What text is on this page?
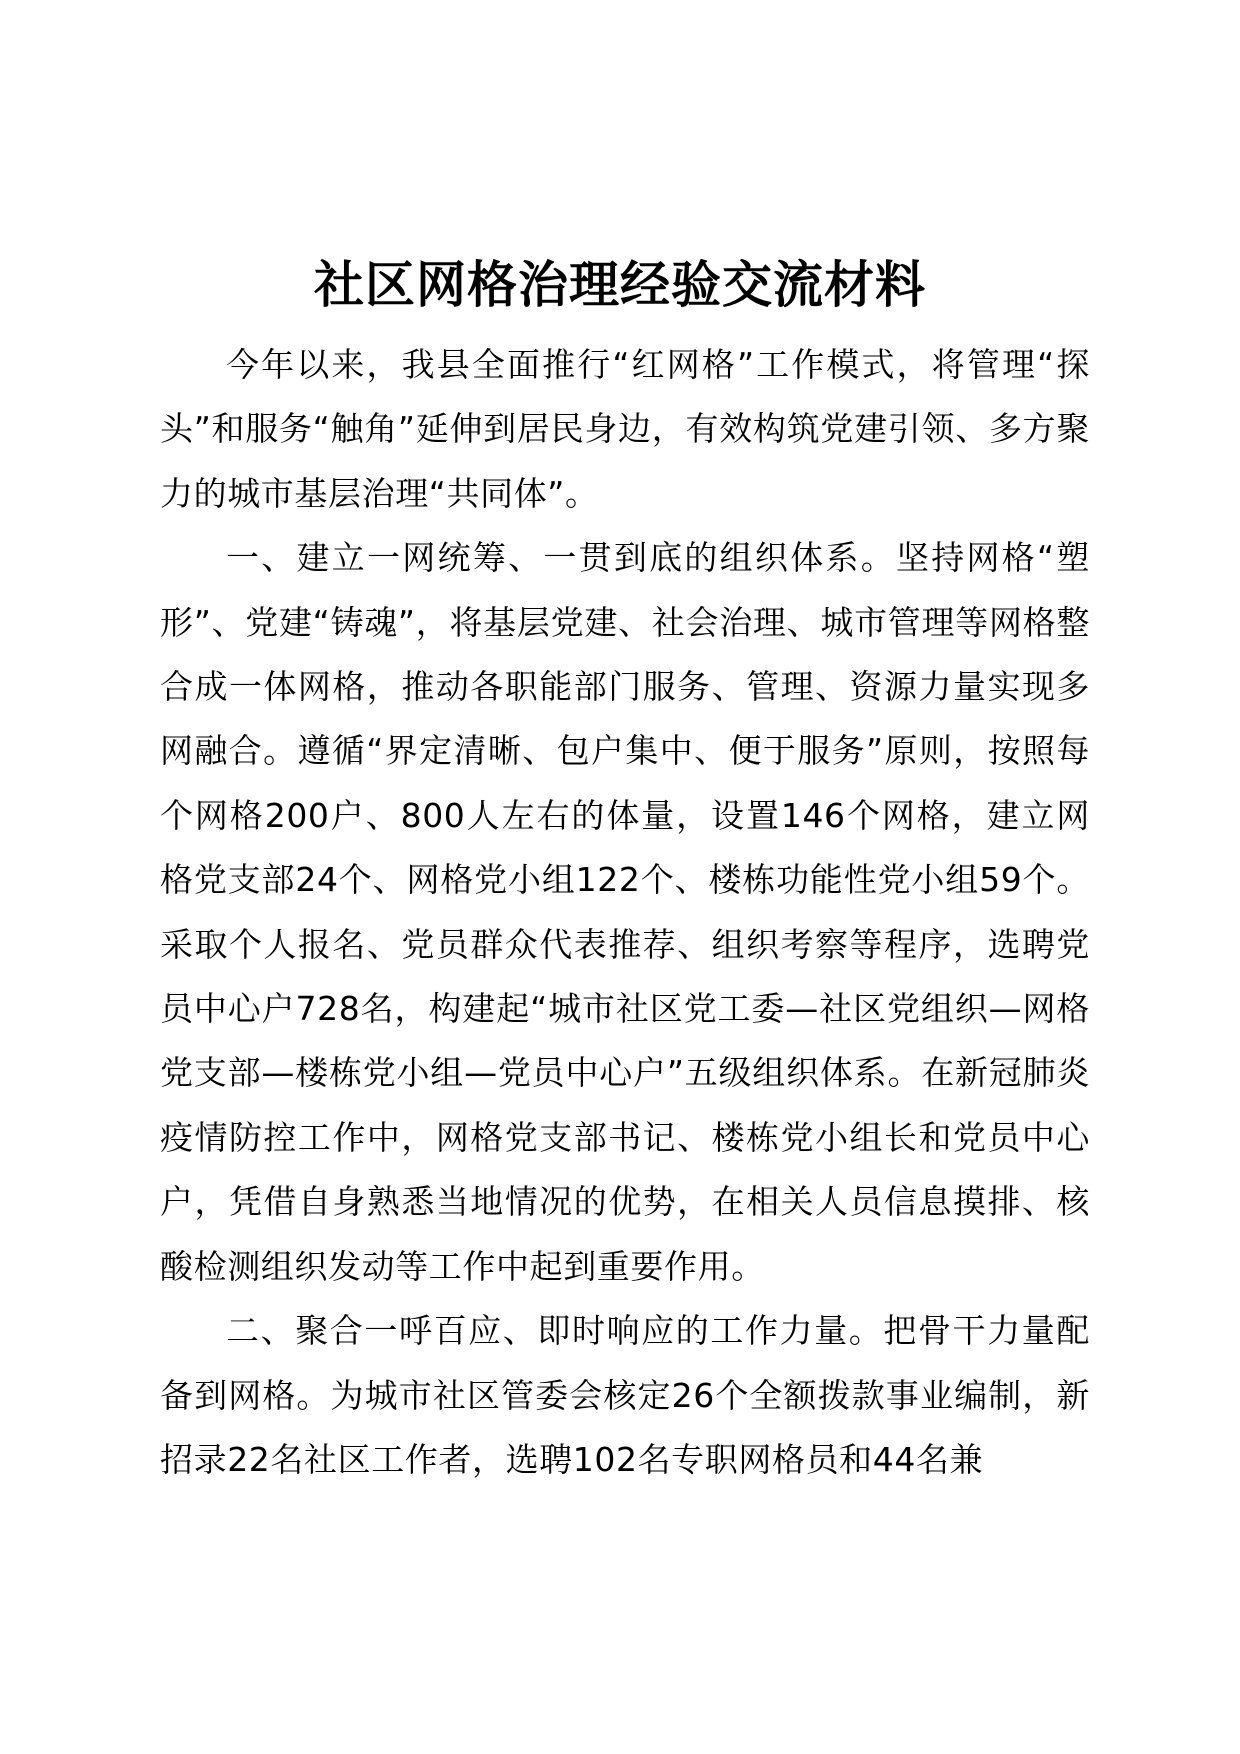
社区网格治理经验交流材料

今年以来，我县全面推行“红网格”工作模式，将管理“探头”和服务“触角”延伸到居民身边，有效构筑党建引领、多方聚力的城市基层治理“共同体”。

一、建立一网统筹、一贯到底的组织体系。坚持网格“塑形”、党建“铸魂”，将基层党建、社会治理、城市管理等网格整合成一体网格，推动各职能部门服务、管理、资源力量实现多网融合。遵循“界定清晰、包户集中、便于服务”原则，按照每个网格200户、800人左右的体量，设置146个网格，建立网格党支部24个、网格党小组122个、楼栋功能性党小组59个。采取个人报名、党员群众代表推荐、组织考察等程序，选聘党员中心户728名，构建起“城市社区党工委—社区党组织—网格党支部—楼栋党小组—党员中心户”五级组织体系。在新冠肺炎疫情防控工作中，网格党支部书记、楼栋党小组长和党员中心户，凭借自身熟悉当地情况的优势，在相关人员信息摸排、核酸检测组织发动等工作中起到重要作用。

二、聚合一呼百应、即时响应的工作力量。把骨干力量配备到网格。为城市社区管委会核定26个全额拨款事业编制，新招录22名社区工作者，选聘102名专职网格员和44名兼
